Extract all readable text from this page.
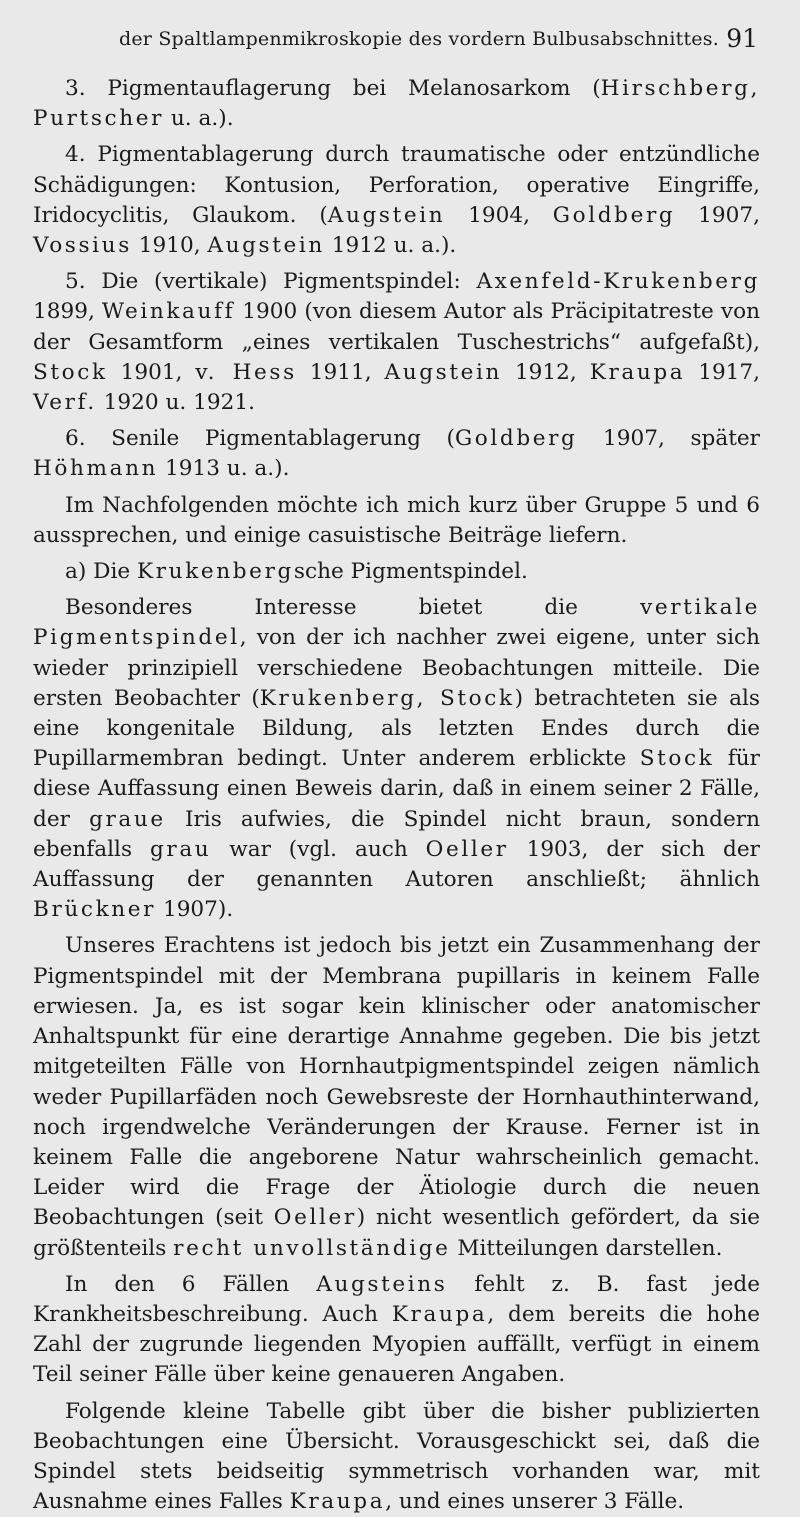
der Spaltlampenmikroskopie des vordern Bulbusabschnittes. 91

3. Pigmentauflagerung bei Melanosarkom (Hirschberg, Purtscher u. a.).

4. Pigmentablagerung durch traumatische oder entzündliche Schädigungen: Kontusion, Perforation, operative Eingriffe, Iridocyclitis, Glaukom. (Augstein 1904, Goldberg 1907, Vossius 1910, Augstein 1912 u. a.).

5. Die (vertikale) Pigmentspindel: Axenfeld-Krukenberg 1899, Weinkauff 1900 (von diesem Autor als Präcipitatreste von der Gesamtform „eines vertikalen Tuschestrichs“ aufgefaßt), Stock 1901, v. Hess 1911, Augstein 1912, Kraupa 1917, Verf. 1920 u. 1921.

6. Senile Pigmentablagerung (Goldberg 1907, später Höhmann 1913 u. a.).

Im Nachfolgenden möchte ich mich kurz über Gruppe 5 und 6 aussprechen, und einige casuistische Beiträge liefern.

a) Die Krukenbergsche Pigmentspindel.

Besonderes Interesse bietet die vertikale Pigmentspindel, von der ich nachher zwei eigene, unter sich wieder prinzipiell verschiedene Beobachtungen mitteile. Die ersten Beobachter (Krukenberg, Stock) betrachteten sie als eine kongenitale Bildung, als letzten Endes durch die Pupillarmembran bedingt. Unter anderem erblickte Stock für diese Auffassung einen Beweis darin, daß in einem seiner 2 Fälle, der graue Iris aufwies, die Spindel nicht braun, sondern ebenfalls grau war (vgl. auch Oeller 1903, der sich der Auffassung der genannten Autoren anschließt; ähnlich Brückner 1907).

Unseres Erachtens ist jedoch bis jetzt ein Zusammenhang der Pigmentspindel mit der Membrana pupillaris in keinem Falle erwiesen. Ja, es ist sogar kein klinischer oder anatomischer Anhaltspunkt für eine derartige Annahme gegeben. Die bis jetzt mitgeteilten Fälle von Hornhautpigmentspindel zeigen nämlich weder Pupillarfäden noch Gewebsreste der Hornhauthinterwand, noch irgendwelche Veränderungen der Krause. Ferner ist in keinem Falle die angeborene Natur wahrscheinlich gemacht. Leider wird die Frage der Ätiologie durch die neuen Beobachtungen (seit Oeller) nicht wesentlich gefördert, da sie größtenteils recht unvollständige Mitteilungen darstellen.

In den 6 Fällen Augsteins fehlt z. B. fast jede Krankheitsbeschreibung. Auch Kraupa, dem bereits die hohe Zahl der zugrunde liegenden Myopien auffällt, verfügt in einem Teil seiner Fälle über keine genaueren Angaben.

Folgende kleine Tabelle gibt über die bisher publizierten Beobachtungen eine Übersicht. Vorausgeschickt sei, daß die Spindel stets beidseitig symmetrisch vorhanden war, mit Ausnahme eines Falles Kraupa, und eines unserer 3 Fälle.
